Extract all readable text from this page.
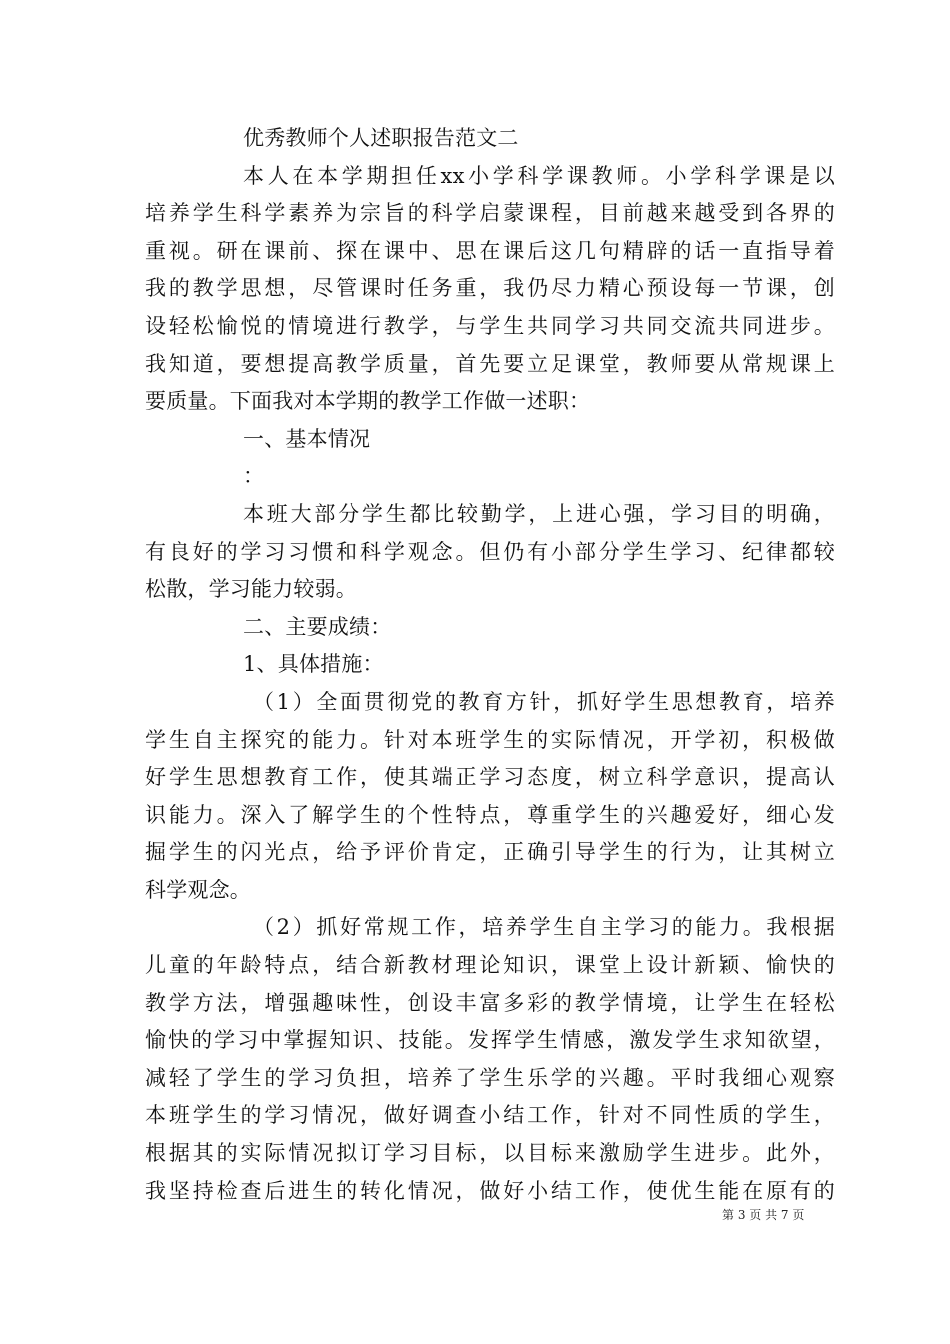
优秀教师个人述职报告范文二
本人在本学期担任xx小学科学课教师。小学科学课是以
培养学生科学素养为宗旨的科学启蒙课程，目前越来越受到各界的
重视。研在课前、探在课中、思在课后这几句精辟的话一直指导着
我的教学思想，尽管课时任务重，我仍尽力精心预设每一节课，创
设轻松愉悦的情境进行教学，与学生共同学习共同交流共同进步。
我知道，要想提高教学质量，首先要立足课堂，教师要从常规课上
要质量。下面我对本学期的教学工作做一述职：
一、基本情况
：
本班大部分学生都比较勤学，上进心强，学习目的明确，
有良好的学习习惯和科学观念。但仍有小部分学生学习、纪律都较
松散，学习能力较弱。
二、主要成绩：
1、具体措施：
（1）全面贯彻党的教育方针，抓好学生思想教育，培养
学生自主探究的能力。针对本班学生的实际情况，开学初，积极做
好学生思想教育工作，使其端正学习态度，树立科学意识，提高认
识能力。深入了解学生的个性特点，尊重学生的兴趣爱好，细心发
掘学生的闪光点，给予评价肯定，正确引导学生的行为，让其树立
科学观念。
（2）抓好常规工作，培养学生自主学习的能力。我根据
儿童的年龄特点，结合新教材理论知识，课堂上设计新颖、愉快的
教学方法，增强趣味性，创设丰富多彩的教学情境，让学生在轻松
愉快的学习中掌握知识、技能。发挥学生情感，激发学生求知欲望，
减轻了学生的学习负担，培养了学生乐学的兴趣。平时我细心观察
本班学生的学习情况，做好调查小结工作，针对不同性质的学生，
根据其的实际情况拟订学习目标，以目标来激励学生进步。此外，
我坚持检查后进生的转化情况，做好小结工作，使优生能在原有的
第 3 页 共 7 页
